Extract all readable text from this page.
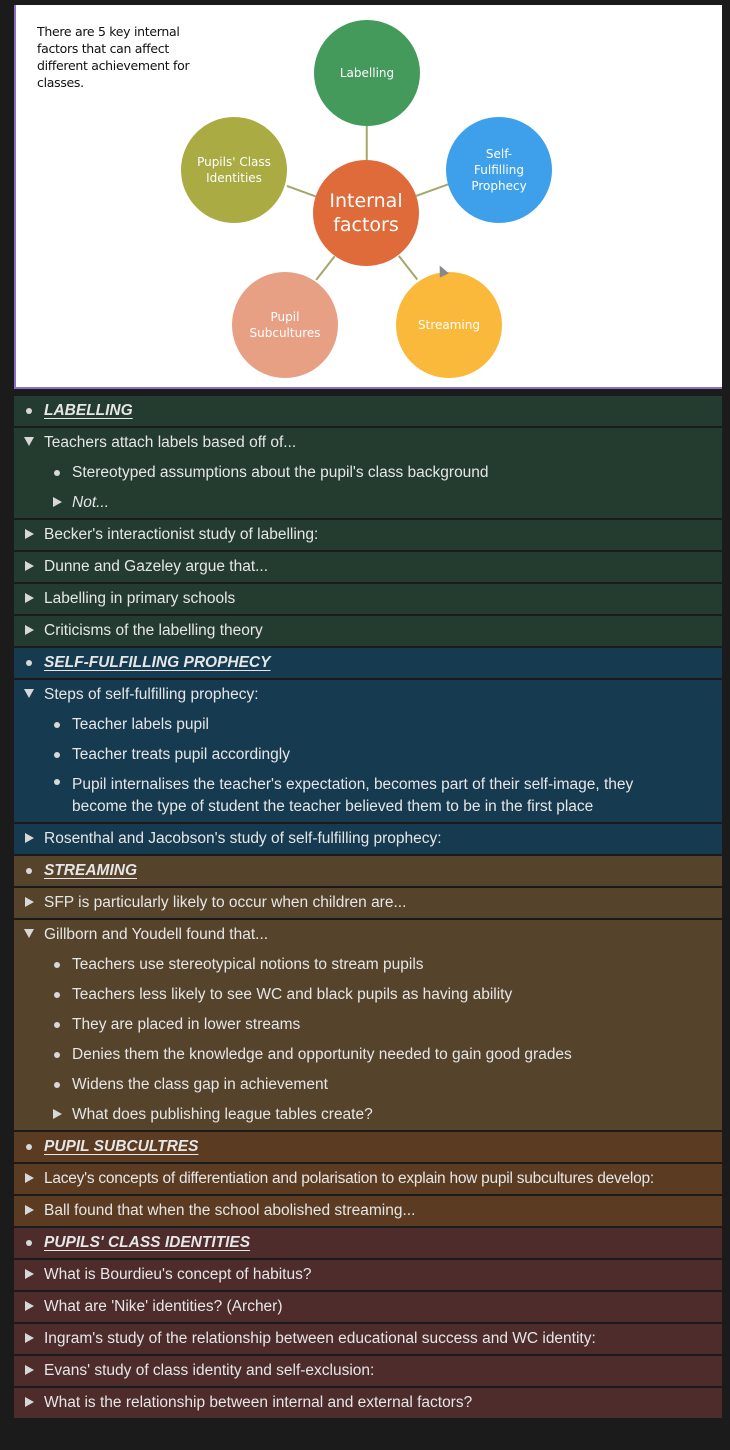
There are 5 key internal factors that can affect different achievement for classes.
Labelling
Self-Fulfilling Prophecy
Streaming
Pupil Subcultures
Pupils' Class Identities
Internal factors
LABELLING
Teachers attach labels based off of...
Stereotyped assumptions about the pupil's class background
Not...
Becker's interactionist study of labelling:
Dunne and Gazeley argue that...
Labelling in primary schools
Criticisms of the labelling theory
SELF-FULFILLING PROPHECY
Steps of self-fulfilling prophecy:
Teacher labels pupil
Teacher treats pupil accordingly
Pupil internalises the teacher's expectation, becomes part of their self-image, they become the type of student the teacher believed them to be in the first place
Rosenthal and Jacobson's study of self-fulfilling prophecy:
STREAMING
SFP is particularly likely to occur when children are...
Gillborn and Youdell found that...
Teachers use stereotypical notions to stream pupils
Teachers less likely to see WC and black pupils as having ability
They are placed in lower streams
Denies them the knowledge and opportunity needed to gain good grades
Widens the class gap in achievement
What does publishing league tables create?
PUPIL SUBCULTRES
Lacey's concepts of differentiation and polarisation to explain how pupil subcultures develop:
Ball found that when the school abolished streaming...
PUPILS' CLASS IDENTITIES
What is Bourdieu's concept of habitus?
What are 'Nike' identities? (Archer)
Ingram's study of the relationship between educational success and WC identity:
Evans' study of class identity and self-exclusion:
What is the relationship between internal and external factors?
